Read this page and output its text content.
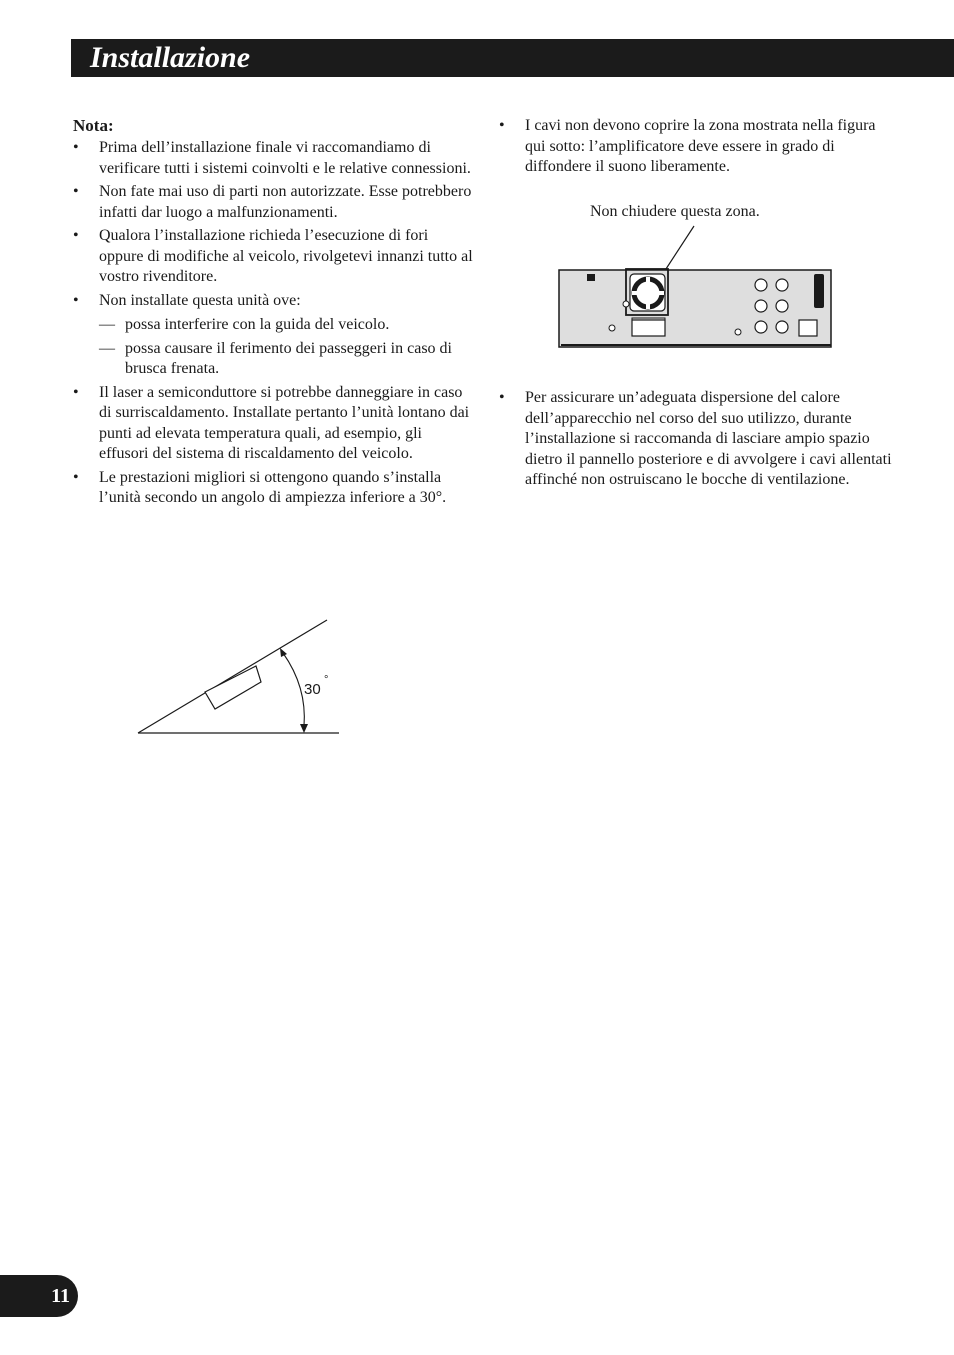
Installazione
Nota:
• Prima dell’installazione finale vi raccomandiamo di verificare tutti i sistemi coinvolti e le relative connessioni.
• Non fate mai uso di parti non autorizzate. Esse potrebbero infatti dar luogo a malfunzionamenti.
• Qualora l’installazione richieda l’esecuzione di fori oppure di modifiche al veicolo, rivolgetevi innanzi tutto al vostro rivenditore.
• Non installate questa unità ove:
— possa interferire con la guida del veicolo.
— possa causare il ferimento dei passeggeri in caso di brusca frenata.
• Il laser a semiconduttore si potrebbe danneggiare in caso di surriscaldamento. Installate pertanto l’unità lontano dai punti ad elevata temperatura quali, ad esempio, gli effusori del sistema di riscaldamento del veicolo.
• Le prestazioni migliori si ottengono quando s’installa l’unità secondo un angolo di ampiezza inferiore a 30°.
30
°
• I cavi non devono coprire la zona mostrata nella figura qui sotto: l’amplificatore deve essere in grado di diffondere il suono liberamente.
Non chiudere questa zona.
• Per assicurare un’adeguata dispersione del calore dell’apparecchio nel corso del suo utilizzo, durante l’installazione si raccomanda di lasciare ampio spazio dietro il pannello posteriore e di avvolgere i cavi allentati affinché non ostruiscano le bocche di ventilazione.
11
